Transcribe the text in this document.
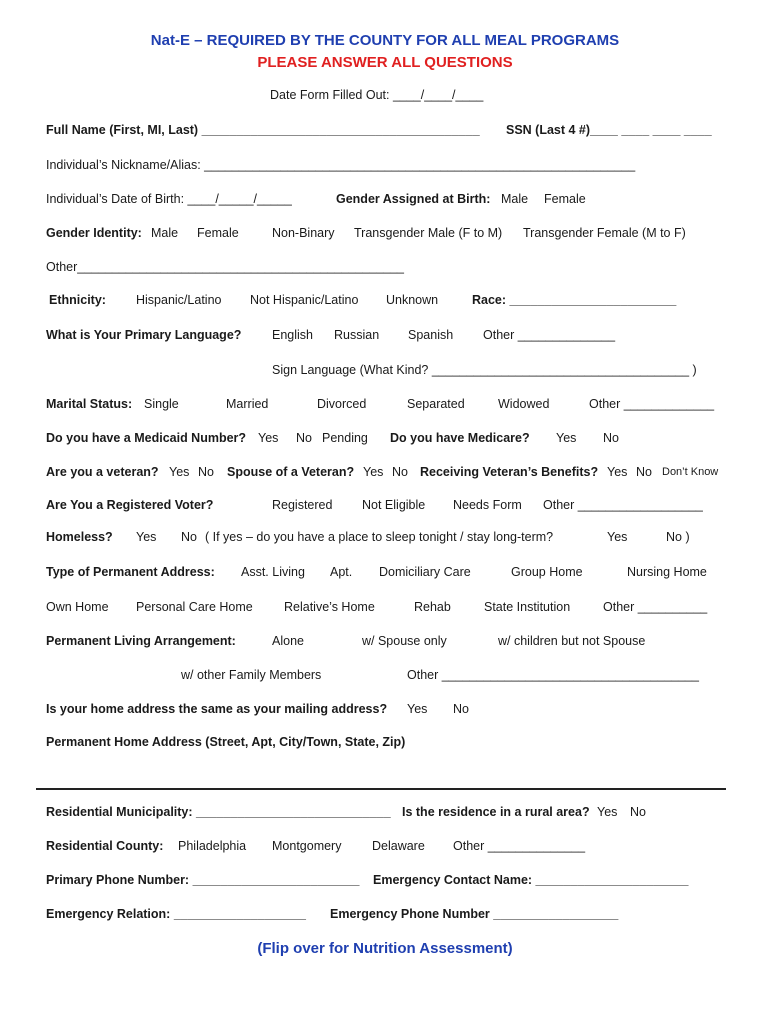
Nat-E – REQUIRED BY THE COUNTY FOR ALL MEAL PROGRAMS
PLEASE ANSWER ALL QUESTIONS
Date Form Filled Out: ____/____/____
Full Name (First, MI, Last) ________________________________________ SSN (Last 4 #)____ ____ ____ ____
Individual’s Nickname/Alias: ______________________________________________________________
Individual’s Date of Birth: ____/_____/_____	Gender Assigned at Birth: Male Female
Gender Identity: Male Female	Non-Binary Transgender Male (F to M) Transgender Female (M to F)
Other_______________________________________________
Ethnicity: Hispanic/Latino Not Hispanic/Latino Unknown	Race: ________________________
What is Your Primary Language? English Russian Spanish Other ______________
Sign Language (What Kind? _____________________________________ )
Marital Status: Single	Married	Divorced	Separated	Widowed	Other _____________
Do you have a Medicaid Number? Yes No Pending Do you have Medicare? Yes No
Are you a veteran? Yes No Spouse of a Veteran? Yes No Receiving Veteran’s Benefits? Yes No Don’t Know
Are You a Registered Voter?	Registered Not Eligible Needs Form Other __________________
Homeless? Yes No ( If yes – do you have a place to sleep tonight / stay long-term?	Yes	No )
Type of Permanent Address: Asst. Living Apt. Domiciliary Care	Group Home	Nursing Home
Own Home Personal Care Home	Relative’s Home	Rehab	State Institution	Other __________
Permanent Living Arrangement:	Alone	w/ Spouse only	w/ children but not Spouse
w/ other Family Members	Other _____________________________________
Is your home address the same as your mailing address? Yes No
Permanent Home Address (Street, Apt, City/Town, State, Zip)
Residential Municipality: ____________________________ Is the residence in a rural area? Yes No
Residential County: Philadelphia Montgomery Delaware Other ______________
Primary Phone Number: ________________________ Emergency Contact Name: ______________________
Emergency Relation: ___________________ Emergency Phone Number __________________
(Flip over for Nutrition Assessment)
